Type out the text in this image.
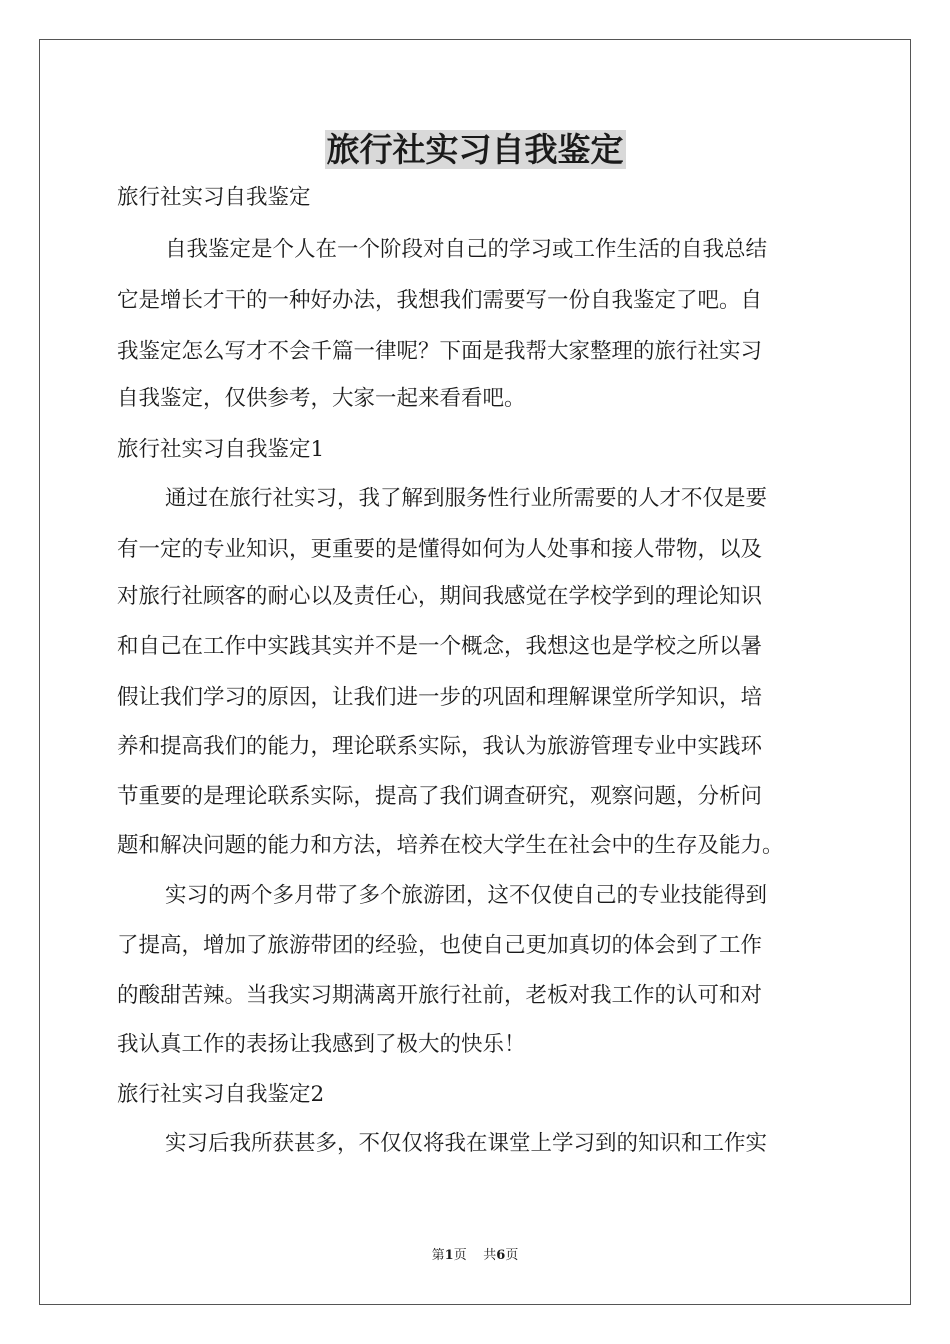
旅行社实习自我鉴定
旅行社实习自我鉴定
自我鉴定是个人在一个阶段对自己的学习或工作生活的自我总结
它是增长才干的一种好办法，我想我们需要写一份自我鉴定了吧。自
我鉴定怎么写才不会千篇一律呢？下面是我帮大家整理的旅行社实习
自我鉴定，仅供参考，大家一起来看看吧。
旅行社实习自我鉴定1
通过在旅行社实习，我了解到服务性行业所需要的人才不仅是要
有一定的专业知识，更重要的是懂得如何为人处事和接人带物，以及
对旅行社顾客的耐心以及责任心，期间我感觉在学校学到的理论知识
和自己在工作中实践其实并不是一个概念，我想这也是学校之所以暑
假让我们学习的原因，让我们进一步的巩固和理解课堂所学知识，培
养和提高我们的能力，理论联系实际，我认为旅游管理专业中实践环
节重要的是理论联系实际，提高了我们调查研究，观察问题，分析问
题和解决问题的能力和方法，培养在校大学生在社会中的生存及能力。
实习的两个多月带了多个旅游团，这不仅使自己的专业技能得到
了提高，增加了旅游带团的经验，也使自己更加真切的体会到了工作
的酸甜苦辣。当我实习期满离开旅行社前，老板对我工作的认可和对
我认真工作的表扬让我感到了极大的快乐！
旅行社实习自我鉴定2
实习后我所获甚多，不仅仅将我在课堂上学习到的知识和工作实
第1页 共6页
